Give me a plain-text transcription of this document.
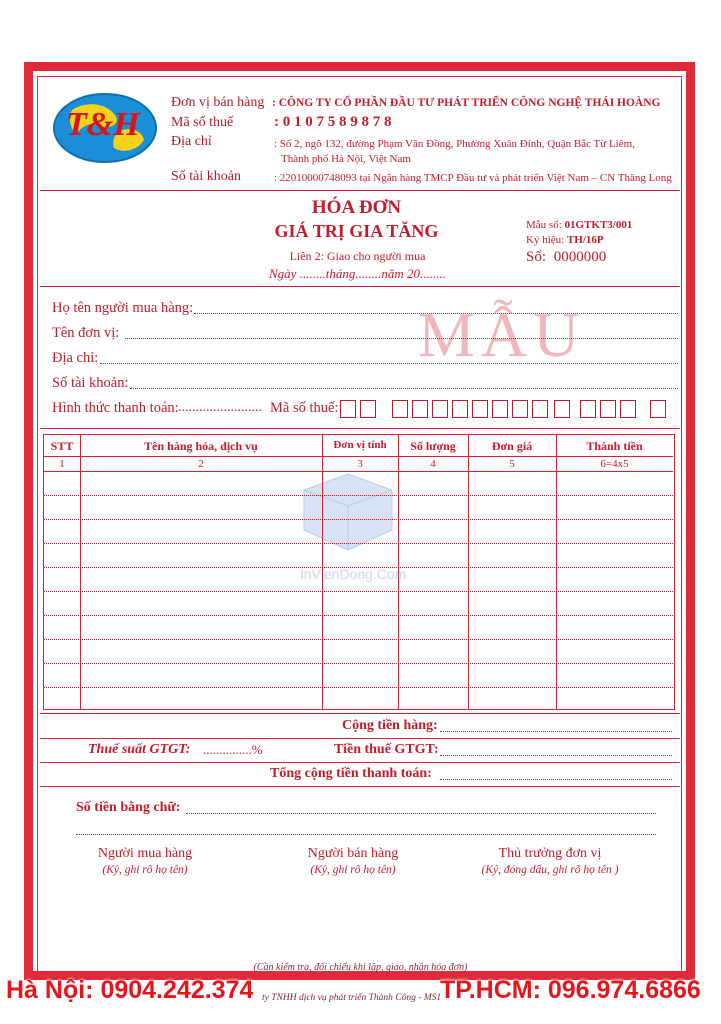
T&H
Đơn vị bán hàng : CÔNG TY CỔ PHẦN ĐẦU TƯ PHÁT TRIỂN CÔNG NGHỆ THÁI HOÀNG
Mã số thuế	: 0 1 0 7 5 8 9 8 7 8
Địa chỉ	: Số 2, ngõ 132, đường Phạm Văn Đồng, Phường Xuân Đỉnh, Quận Bắc Từ Liêm,
Thành phố Hà Nội, Việt Nam
Số tài khoản	: 22010000748093 tại Ngân hàng TMCP Đầu tư và phát triển Việt Nam – CN Thăng Long
HÓA ĐƠN
GIÁ TRỊ GIA TĂNG
Liên 2: Giao cho người mua
Ngày ........tháng........năm 20........
Mẫu số: 01GTKT3/001
Ký hiệu: TH/16P
Số: 0000000
MẪU
InVienDong.Com
Họ tên người mua hàng:
Tên đơn vị:
Địa chỉ:
Số tài khoản:
Hình thức thanh toán: ........................ Mã số thuế:
STT	Tên hàng hóa, dịch vụ	Đơn vị tính	Số lượng	Đơn giá	Thành tiền
1	2	3	4	5	6=4x5
Cộng tiền hàng:
Thuế suất GTGT: ...............%	Tiền thuế GTGT:
Tổng cộng tiền thanh toán:
Số tiền bằng chữ:
Người mua hàng
(Ký, ghi rõ họ tên)
Người bán hàng
(Ký, ghi rõ họ tên)
Thủ trưởng đơn vị
(Ký, đóng dấu, ghi rõ họ tên )
(Cần kiểm tra, đối chiếu khi lập, giao, nhận hóa đơn)
ty TNHH dịch vụ phát triển Thành Công - MS1
Hà Nội: 0904.242.374	TP.HCM: 096.974.6866
